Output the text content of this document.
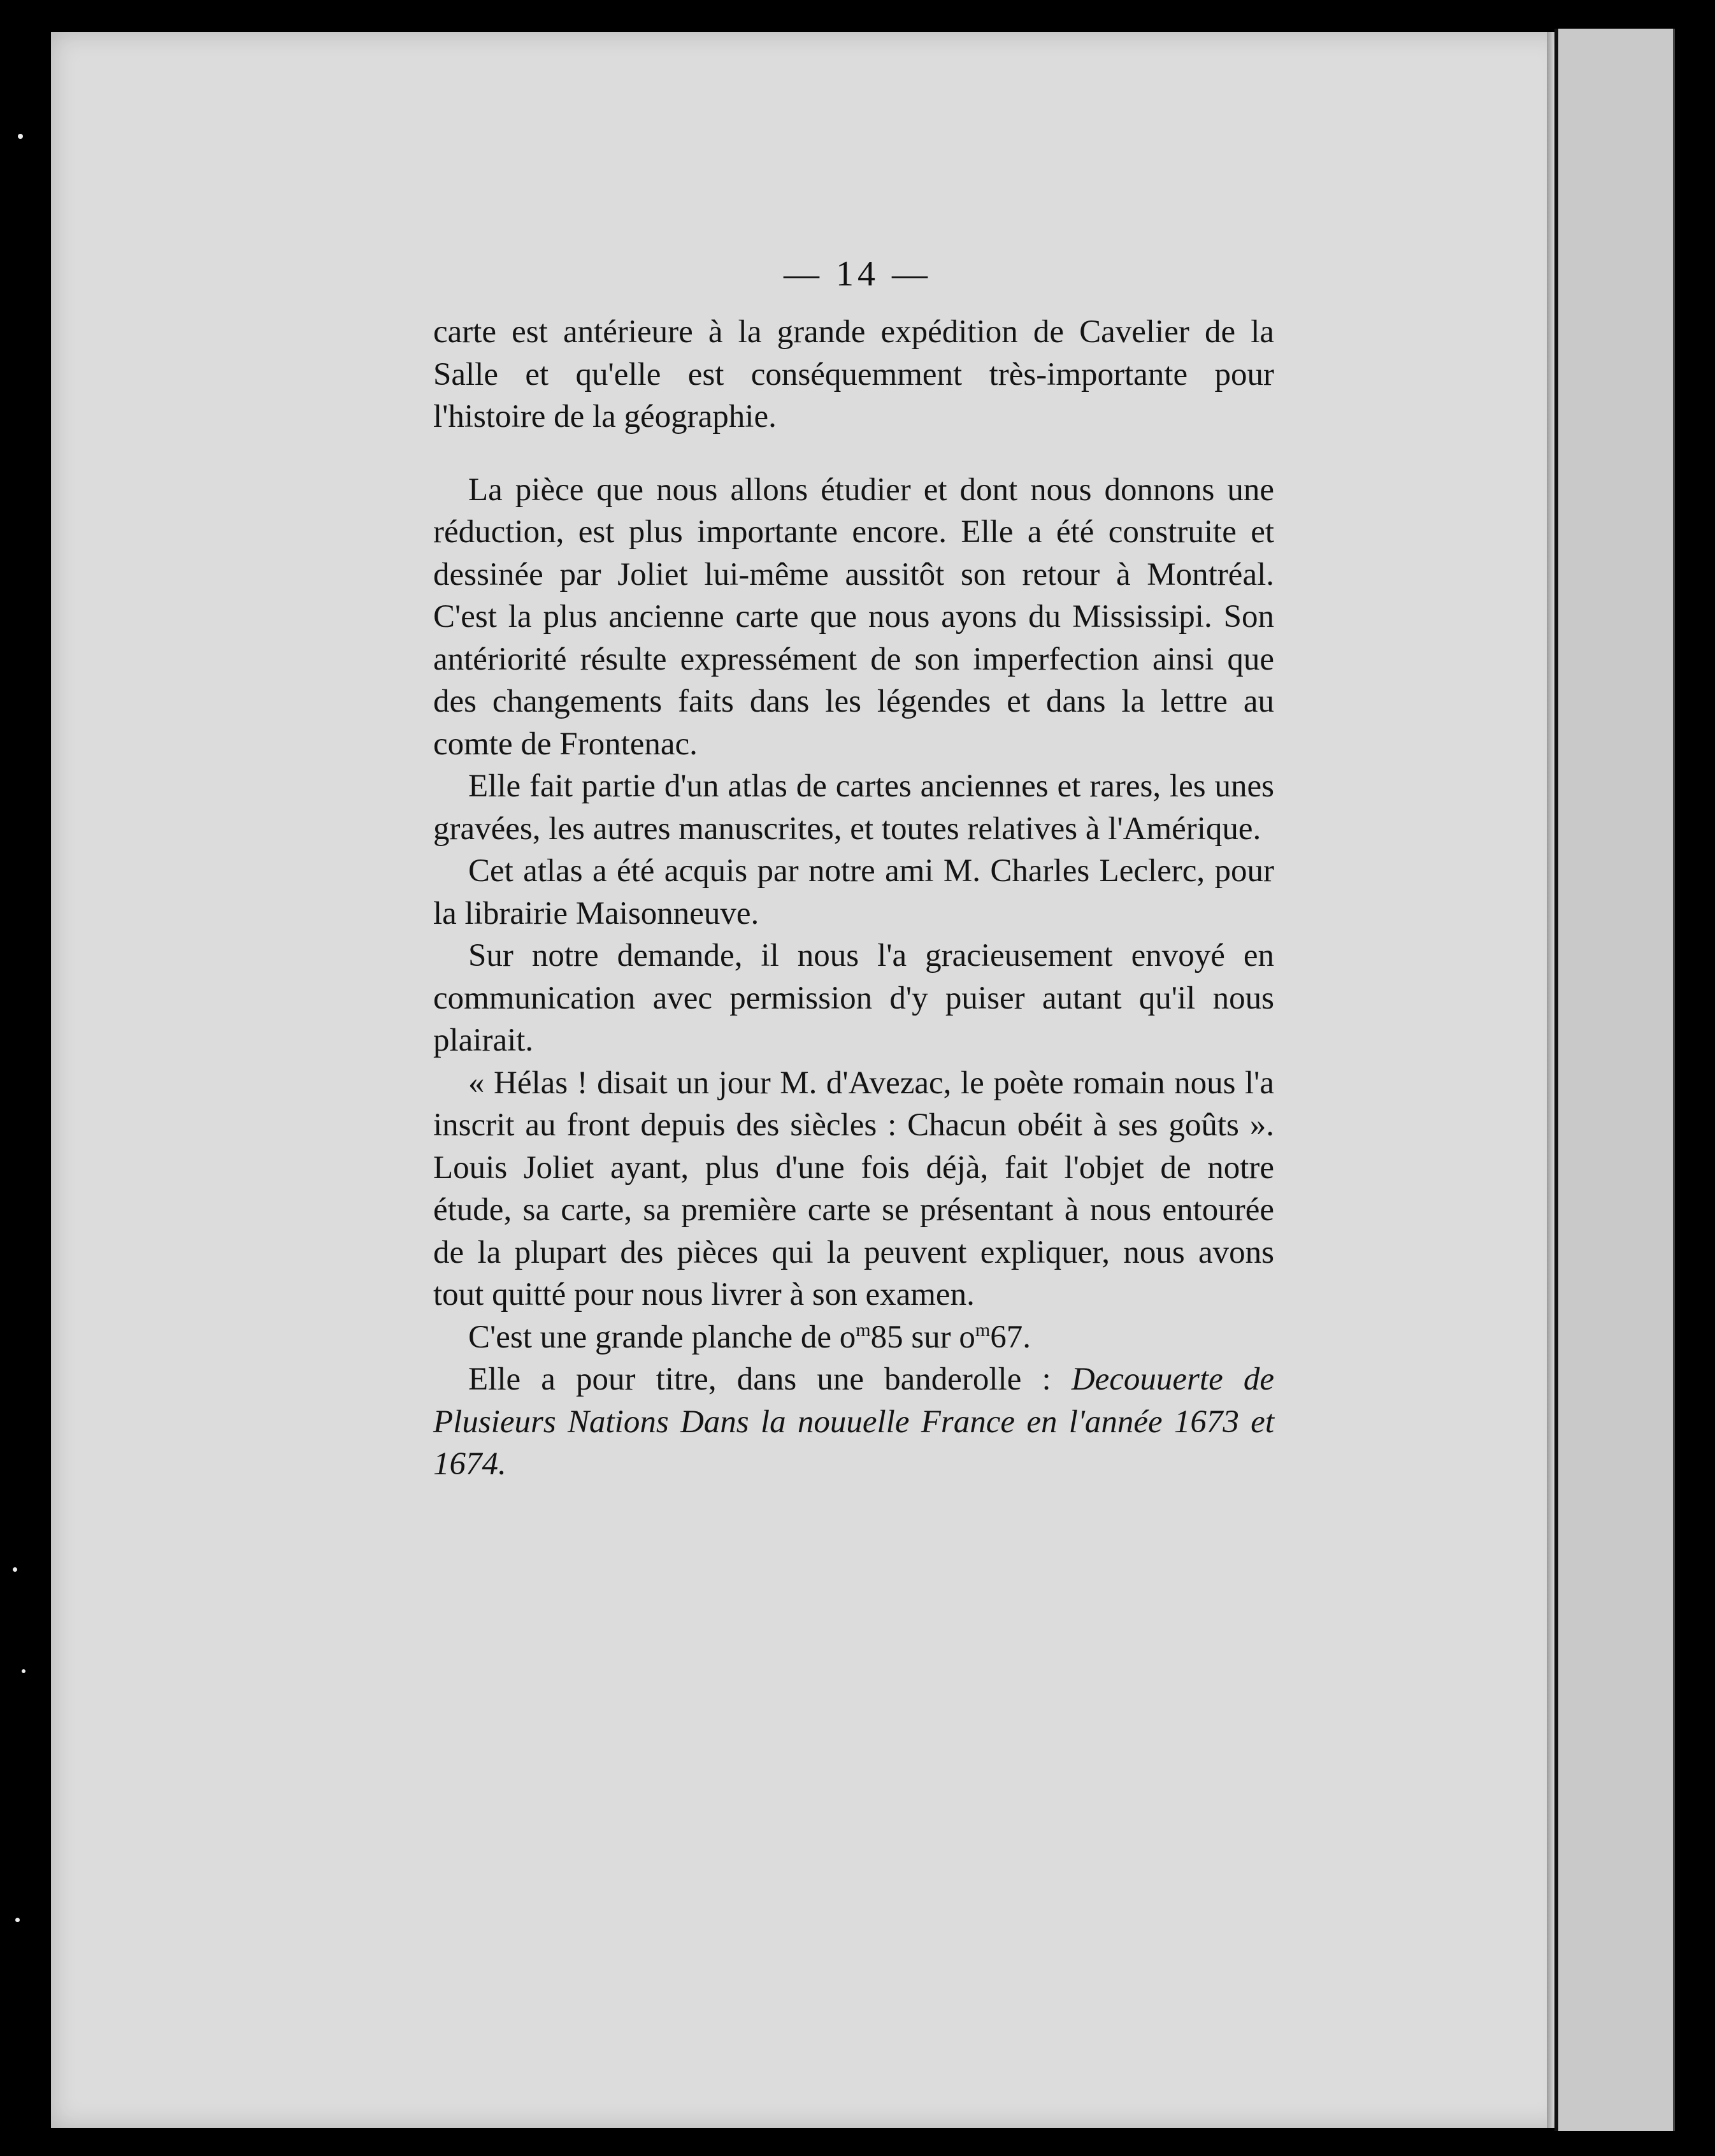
— 14 —

carte est antérieure à la grande expédition de Cavelier de la Salle et qu'elle est conséquemment très-importante pour l'histoire de la géographie.

La pièce que nous allons étudier et dont nous donnons une réduction, est plus importante encore. Elle a été construite et dessinée par Joliet lui-même aussitôt son retour à Montréal. C'est la plus ancienne carte que nous ayons du Mississipi. Son antériorité résulte expressément de son imperfection ainsi que des changements faits dans les légendes et dans la lettre au comte de Frontenac.

Elle fait partie d'un atlas de cartes anciennes et rares, les unes gravées, les autres manuscrites, et toutes relatives à l'Amérique.

Cet atlas a été acquis par notre ami M. Charles Leclerc, pour la librairie Maisonneuve.

Sur notre demande, il nous l'a gracieusement envoyé en communication avec permission d'y puiser autant qu'il nous plairait.

« Hélas ! disait un jour M. d'Avezac, le poète romain nous l'a inscrit au front depuis des siècles : Chacun obéit à ses goûts ». Louis Joliet ayant, plus d'une fois déjà, fait l'objet de notre étude, sa carte, sa première carte se présentant à nous entourée de la plupart des pièces qui la peuvent expliquer, nous avons tout quitté pour nous livrer à son examen.

C'est une grande planche de $o^m85$ sur $o^m67$.

Elle a pour titre, dans une banderolle : Decouuerte de Plusieurs Nations Dans la nouuelle France en l'année 1673 et 1674.
